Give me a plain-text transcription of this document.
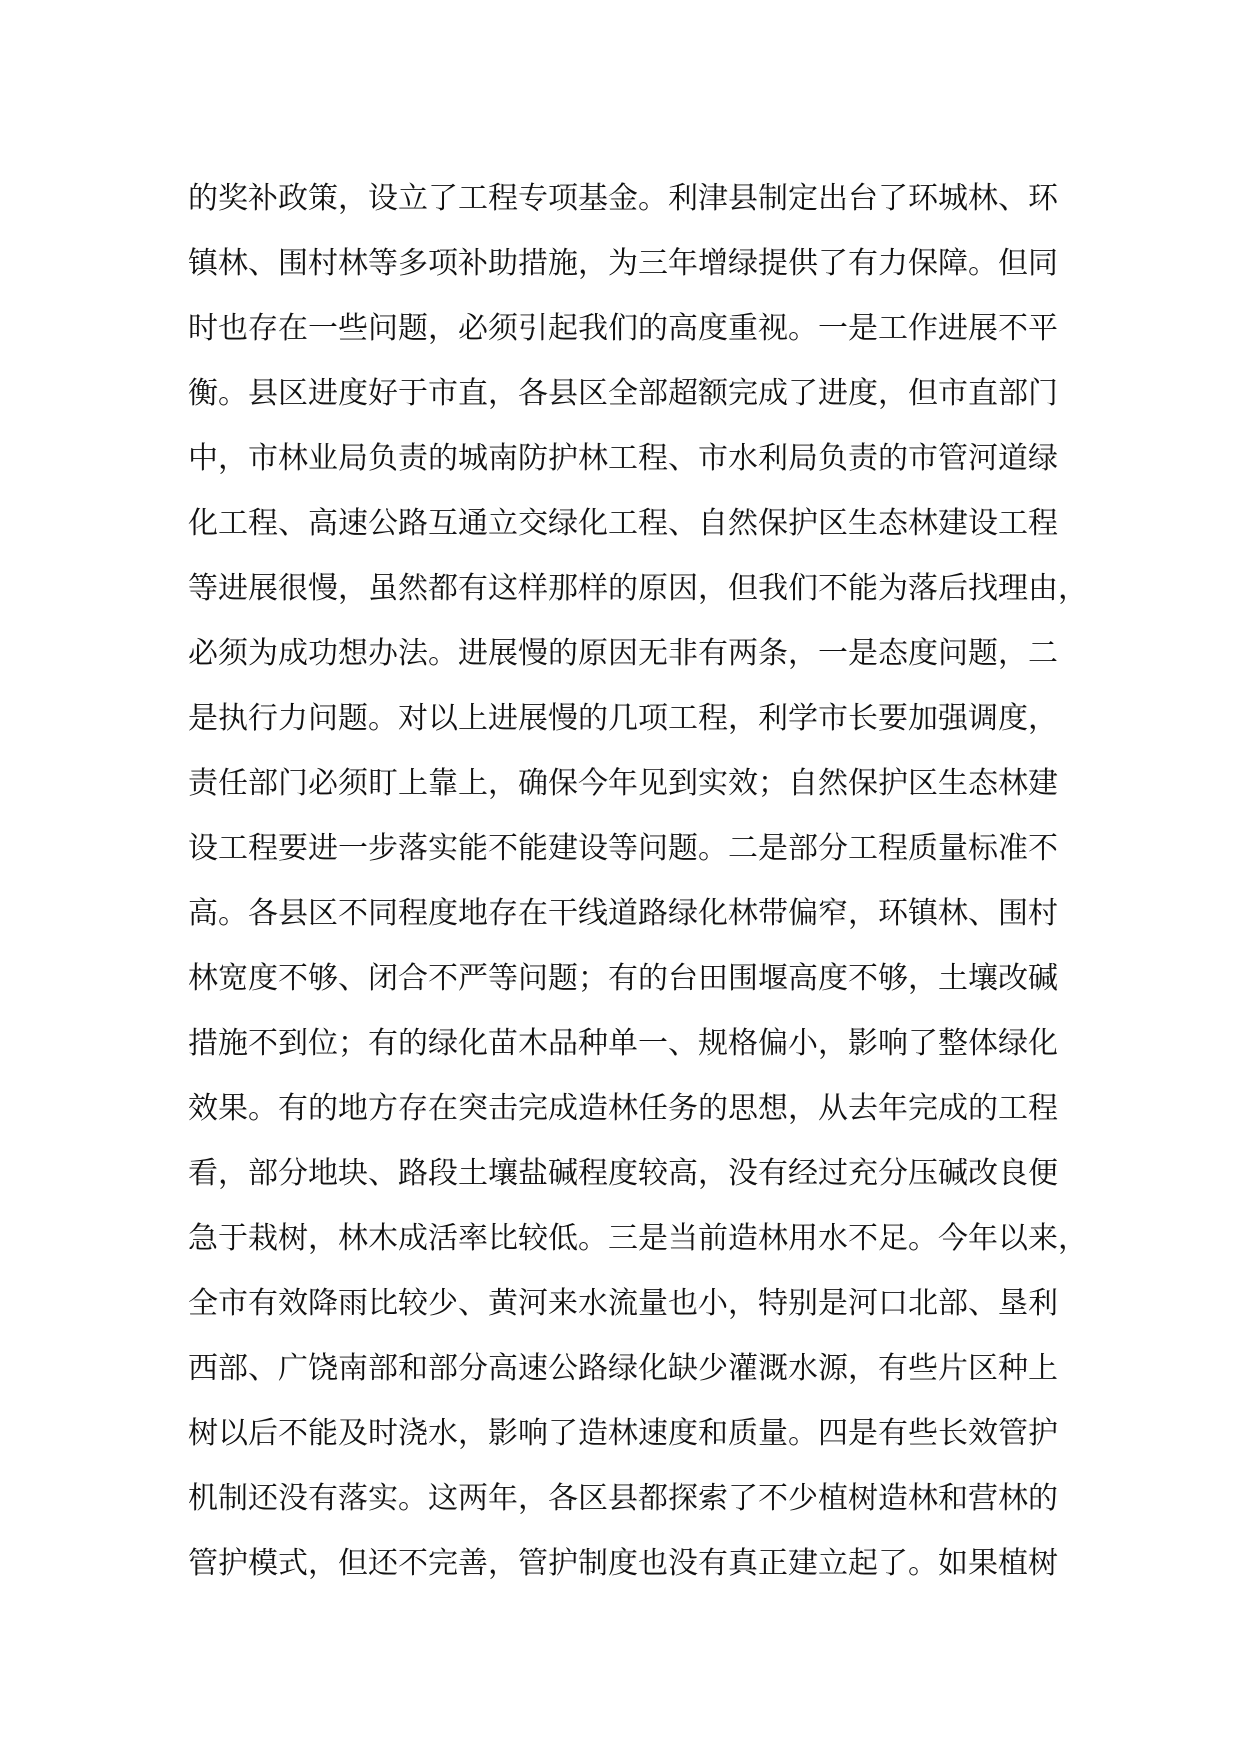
的奖补政策，设立了工程专项基金。利津县制定出台了环城林、环
镇林、围村林等多项补助措施，为三年增绿提供了有力保障。但同
时也存在一些问题，必须引起我们的高度重视。一是工作进展不平
衡。县区进度好于市直，各县区全部超额完成了进度，但市直部门
中，市林业局负责的城南防护林工程、市水利局负责的市管河道绿
化工程、高速公路互通立交绿化工程、自然保护区生态林建设工程
等进展很慢，虽然都有这样那样的原因，但我们不能为落后找理由，
必须为成功想办法。进展慢的原因无非有两条，一是态度问题，二
是执行力问题。对以上进展慢的几项工程，利学市长要加强调度，
责任部门必须盯上靠上，确保今年见到实效；自然保护区生态林建
设工程要进一步落实能不能建设等问题。二是部分工程质量标准不
高。各县区不同程度地存在干线道路绿化林带偏窄，环镇林、围村
林宽度不够、闭合不严等问题；有的台田围堰高度不够，土壤改碱
措施不到位；有的绿化苗木品种单一、规格偏小，影响了整体绿化
效果。有的地方存在突击完成造林任务的思想，从去年完成的工程
看，部分地块、路段土壤盐碱程度较高，没有经过充分压碱改良便
急于栽树，林木成活率比较低。三是当前造林用水不足。今年以来，
全市有效降雨比较少、黄河来水流量也小，特别是河口北部、垦利
西部、广饶南部和部分高速公路绿化缺少灌溉水源，有些片区种上
树以后不能及时浇水，影响了造林速度和质量。四是有些长效管护
机制还没有落实。这两年，各区县都探索了不少植树造林和营林的
管护模式，但还不完善，管护制度也没有真正建立起了。如果植树
